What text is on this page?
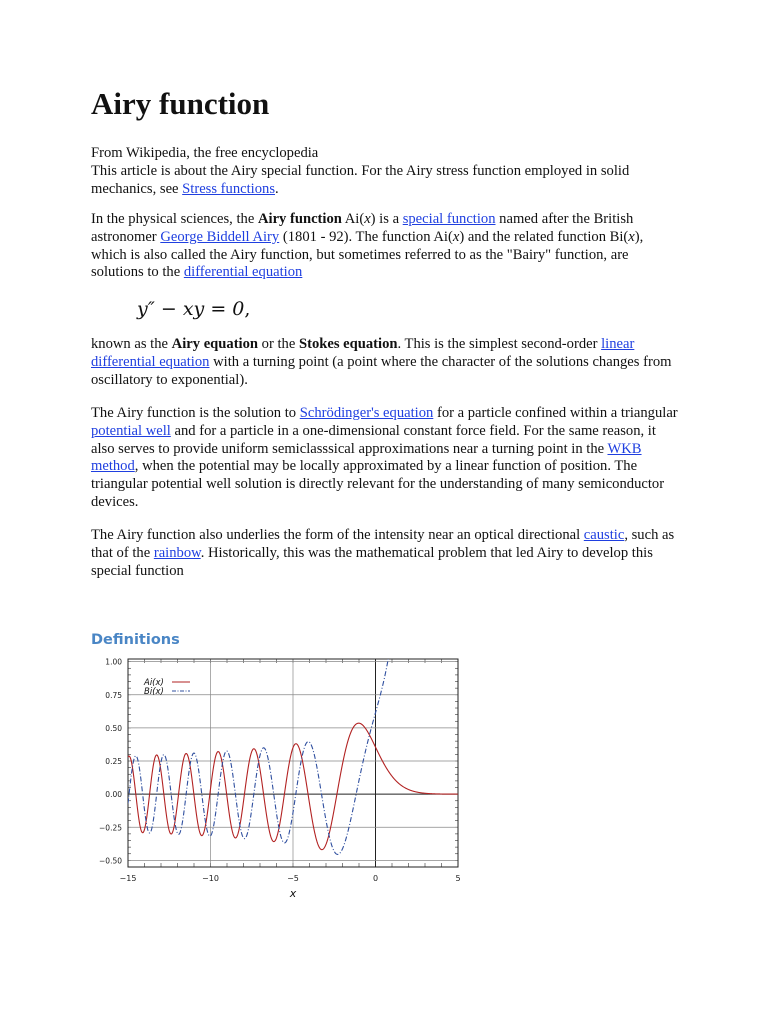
Airy function

From Wikipedia, the free encyclopedia

This article is about the Airy special function. For the Airy stress function employed in solid mechanics, see Stress functions.

In the physical sciences, the Airy function Ai(x) is a special function named after the British astronomer George Biddell Airy (1801 - 92). The function Ai(x) and the related function Bi(x), which is also called the Airy function, but sometimes referred to as the "Bairy" function, are solutions to the differential equation

y″ − xy = 0,

known as the Airy equation or the Stokes equation. This is the simplest second-order linear differential equation with a turning point (a point where the character of the solutions changes from oscillatory to exponential).

The Airy function is the solution to Schrödinger's equation for a particle confined within a triangular potential well and for a particle in a one-dimensional constant force field. For the same reason, it also serves to provide uniform semiclasssical approximations near a turning point in the WKB method, when the potential may be locally approximated by a linear function of position. The triangular potential well solution is directly relevant for the understanding of many semiconductor devices.

The Airy function also underlies the form of the intensity near an optical directional caustic, such as that of the rainbow. Historically, this was the mathematical problem that led Airy to develop this special function

Definitions
−15	−10	−5	0	5
−0.50
−0.25
0.00
0.25
0.50
0.75
1.00
x
Ai(x)
Bi(x)
